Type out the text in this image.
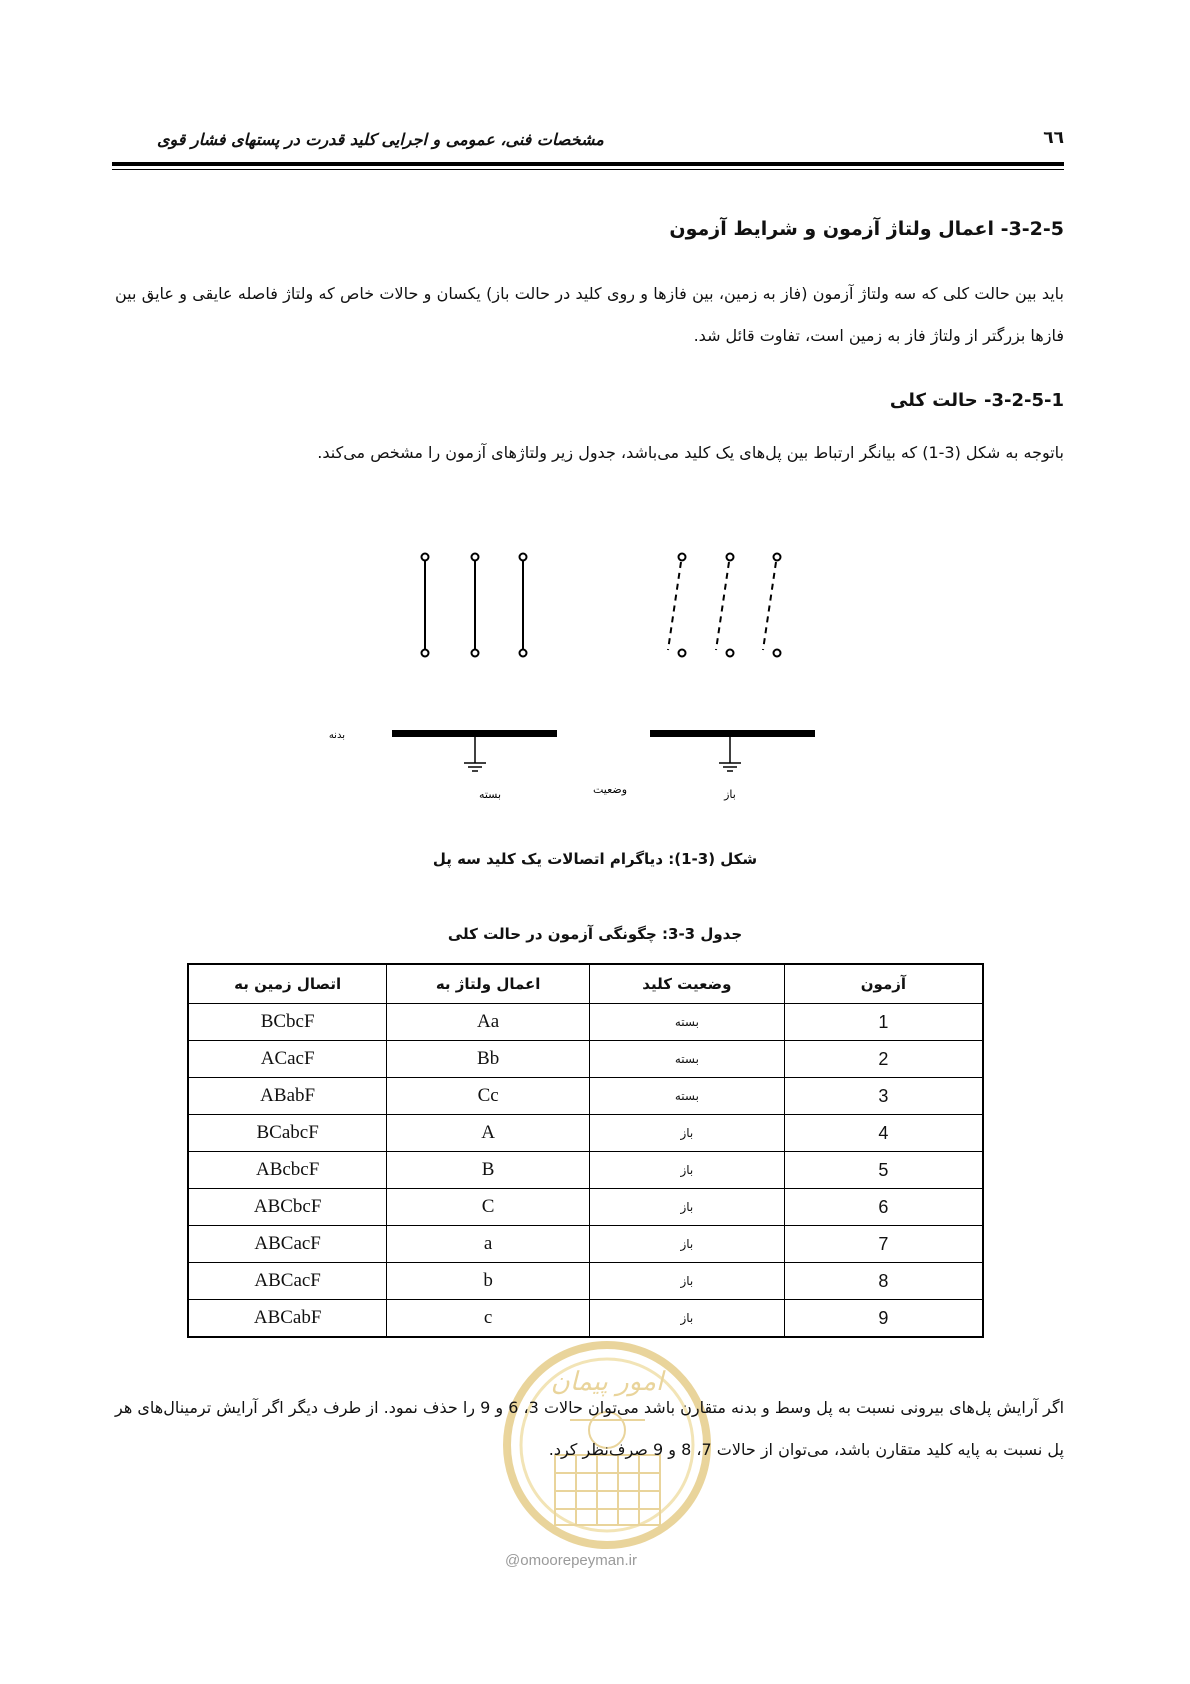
مشخصات فنی، عمومی و اجرایی کلید قدرت در پستهای فشار قوی	٦٦
3-2-5- اعمال ولتاژ آزمون و شرایط آزمون
باید بین حالت کلی که سه ولتاژ آزمون (فاز به زمین، بین فازها و روی کلید در حالت باز) یکسان و حالات خاص که ولتاژ فاصله عایقی و عایق بین فازها بزرگتر از ولتاژ فاز به زمین است، تفاوت قائل شد.
3-2-5-1- حالت کلی
باتوجه به شکل (3-1) که بیانگر ارتباط بین پل‌های یک کلید می‌باشد، جدول زیر ولتاژهای آزمون را مشخص می‌کند.
بدنه
بسته	وضعیت	باز
شکل (3-1): دیاگرام اتصالات یک کلید سه پل
جدول 3-3: چگونگی آزمون در حالت کلی
آزمون	وضعیت کلید	اعمال ولتاژ به	اتصال زمین به
1	بسته	Aa	BCbcF
2	بسته	Bb	ACacF
3	بسته	Cc	ABabF
4	باز	A	BCabcF
5	باز	B	ABcbcF
6	باز	C	ABCbcF
7	باز	a	ABCacF
8	باز	b	ABCacF
9	باز	c	ABCabF
امور پیمان
@omoorepeyman.ir
اگر آرایش پل‌های بیرونی نسبت به پل وسط و بدنه متقارن باشد می‌توان حالات 3، 6 و 9 را حذف نمود. از طرف دیگر اگر آرایش ترمینال‌های هر پل نسبت به پایه کلید متقارن باشد، می‌توان از حالات 7، 8 و 9 صرف‌نظر کرد.
